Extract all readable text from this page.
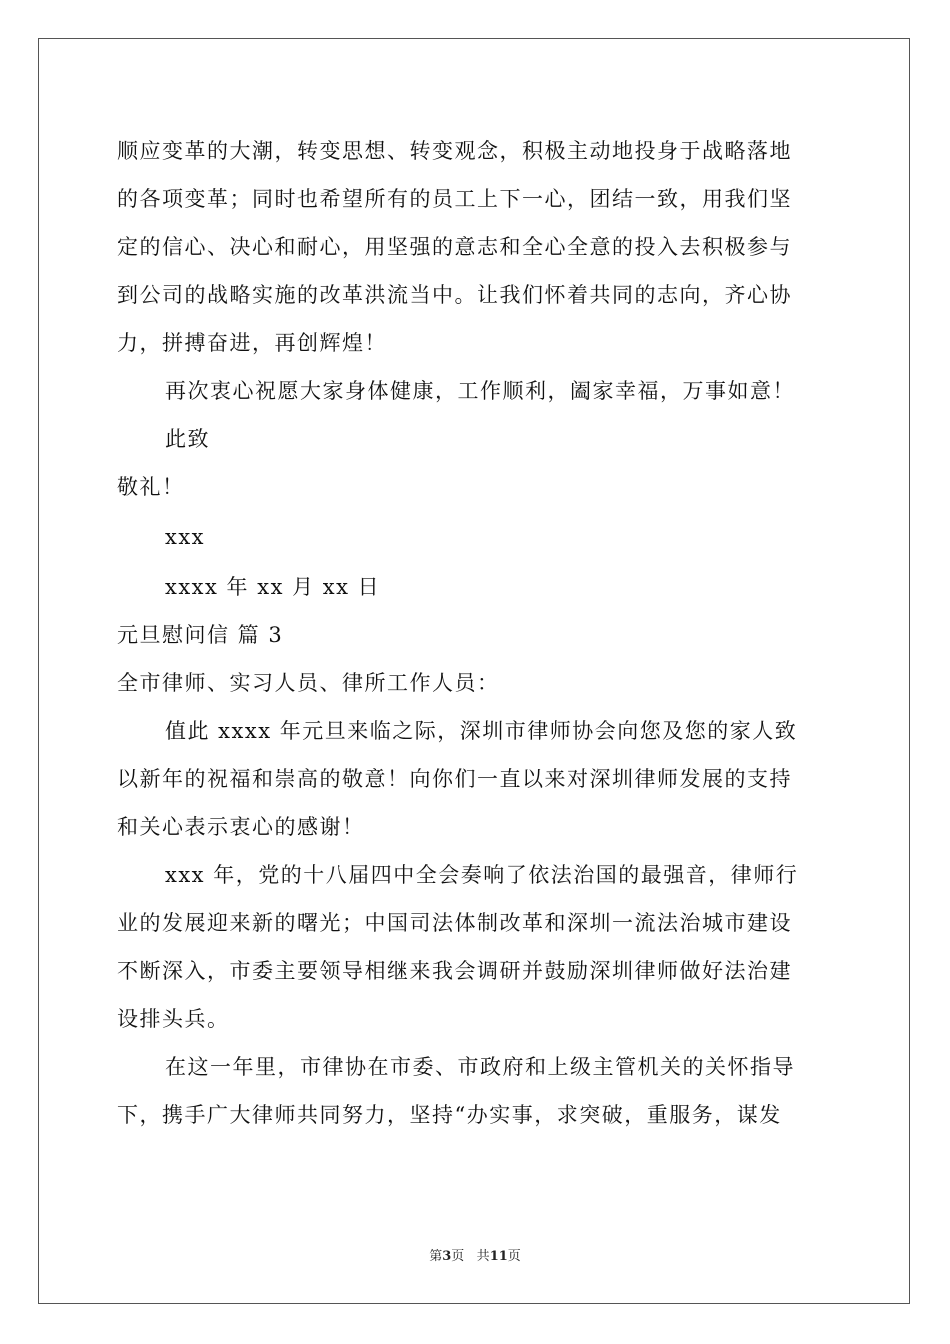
顺应变革的大潮，转变思想、转变观念，积极主动地投身于战略落地
的各项变革；同时也希望所有的员工上下一心，团结一致，用我们坚
定的信心、决心和耐心，用坚强的意志和全心全意的投入去积极参与
到公司的战略实施的改革洪流当中。让我们怀着共同的志向，齐心协
力，拼搏奋进，再创辉煌！
再次衷心祝愿大家身体健康，工作顺利，阖家幸福，万事如意！
此致
敬礼！
xxx
xxxx 年 xx 月 xx 日
元旦慰问信 篇 3
全市律师、实习人员、律所工作人员：
值此 xxxx 年元旦来临之际，深圳市律师协会向您及您的家人致
以新年的祝福和崇高的敬意！向你们一直以来对深圳律师发展的支持
和关心表示衷心的感谢！
xxx 年，党的十八届四中全会奏响了依法治国的最强音，律师行
业的发展迎来新的曙光；中国司法体制改革和深圳一流法治城市建设
不断深入，市委主要领导相继来我会调研并鼓励深圳律师做好法治建
设排头兵。
在这一年里，市律协在市委、市政府和上级主管机关的关怀指导
下，携手广大律师共同努力，坚持“办实事，求突破，重服务，谋发
第3页 共11页
